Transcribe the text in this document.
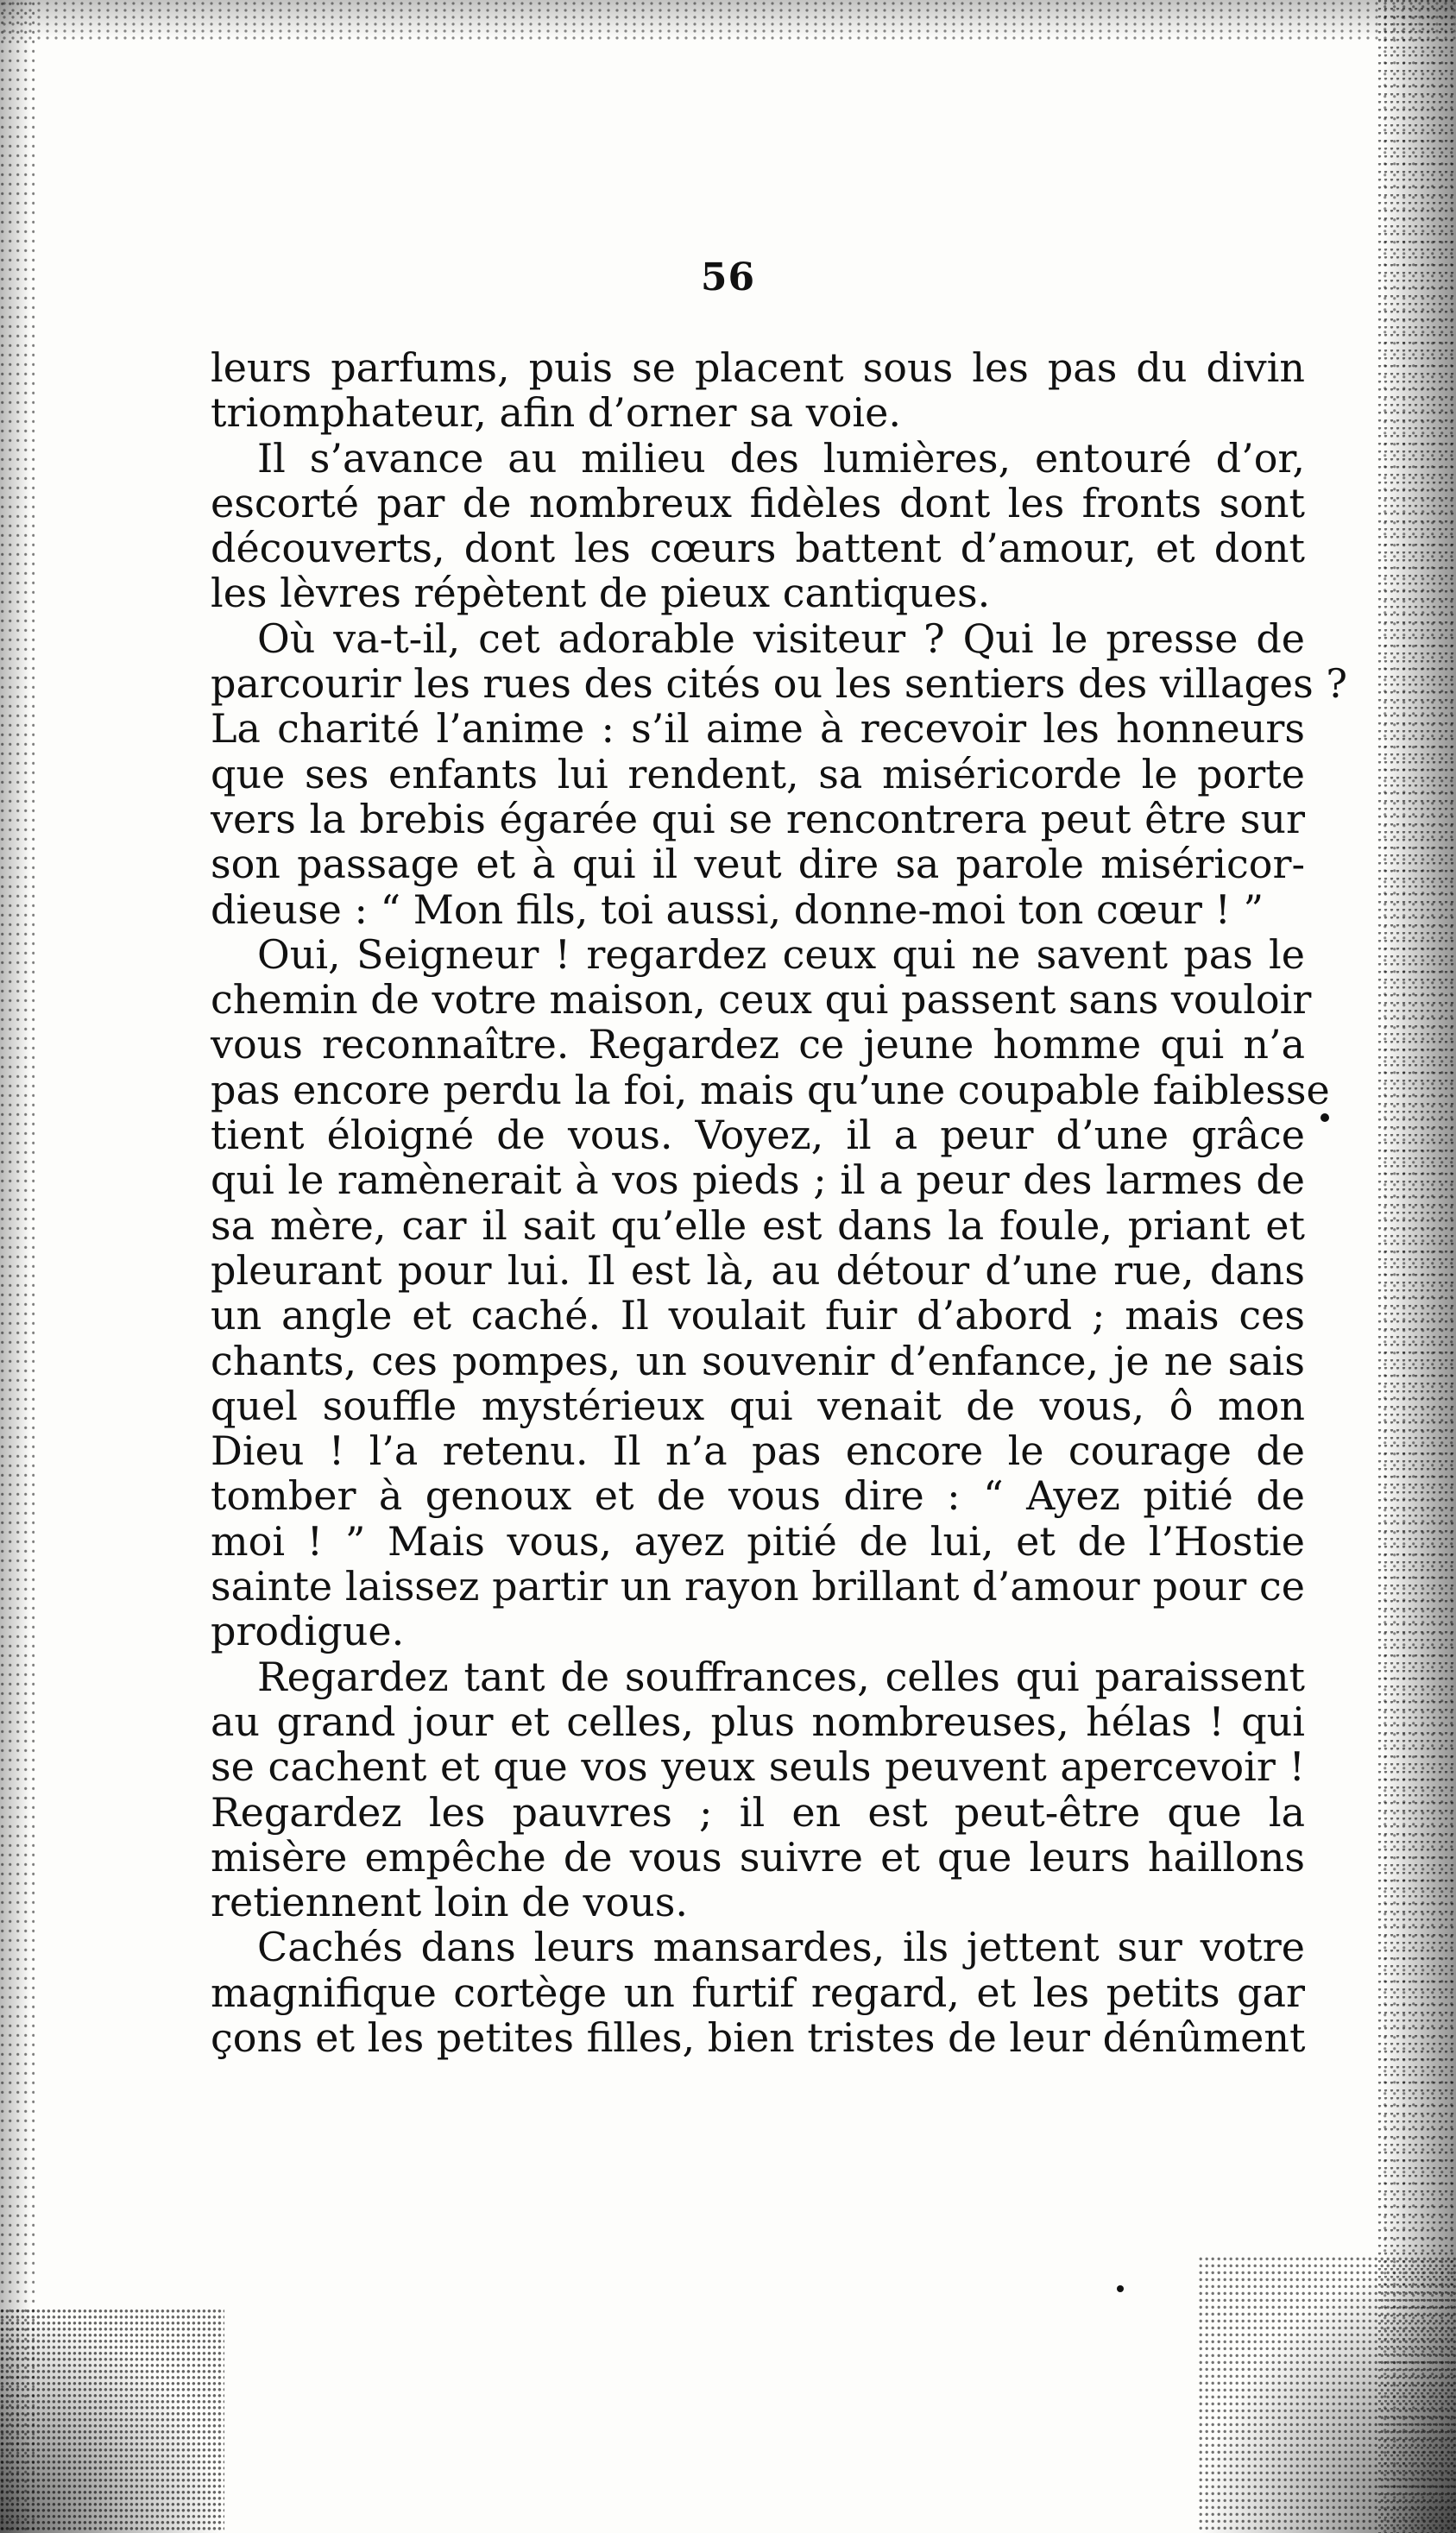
56
leurs parfums, puis se placent sous les pas du divin
triomphateur, afin d’orner sa voie.
Il s’avance au milieu des lumières, entouré d’or,
escorté par de nombreux fidèles dont les fronts sont
découverts, dont les cœurs battent d’amour, et dont
les lèvres répètent de pieux cantiques.
Où va-t-il, cet adorable visiteur ? Qui le presse de
parcourir les rues des cités ou les sentiers des villages ?
La charité l’anime : s’il aime à recevoir les honneurs
que ses enfants lui rendent, sa miséricorde le porte
vers la brebis égarée qui se rencontrera peut être sur
son passage et à qui il veut dire sa parole miséricor-
dieuse : “ Mon fils, toi aussi, donne-moi ton cœur ! ”
Oui, Seigneur ! regardez ceux qui ne savent pas le
chemin de votre maison, ceux qui passent sans vouloir
vous reconnaître. Regardez ce jeune homme qui n’a
pas encore perdu la foi, mais qu’une coupable faiblesse
tient éloigné de vous. Voyez, il a peur d’une grâce
qui le ramènerait à vos pieds ; il a peur des larmes de
sa mère, car il sait qu’elle est dans la foule, priant et
pleurant pour lui. Il est là, au détour d’une rue, dans
un angle et caché. Il voulait fuir d’abord ; mais ces
chants, ces pompes, un souvenir d’enfance, je ne sais
quel souffle mystérieux qui venait de vous, ô mon
Dieu ! l’a retenu. Il n’a pas encore le courage de
tomber à genoux et de vous dire : “ Ayez pitié de
moi ! ” Mais vous, ayez pitié de lui, et de l’Hostie
sainte laissez partir un rayon brillant d’amour pour ce
prodigue.
Regardez tant de souffrances, celles qui paraissent
au grand jour et celles, plus nombreuses, hélas ! qui
se cachent et que vos yeux seuls peuvent apercevoir !
Regardez les pauvres ; il en est peut-être que la
misère empêche de vous suivre et que leurs haillons
retiennent loin de vous.
Cachés dans leurs mansardes, ils jettent sur votre
magnifique cortège un furtif regard, et les petits gar
çons et les petites filles, bien tristes de leur dénûment
